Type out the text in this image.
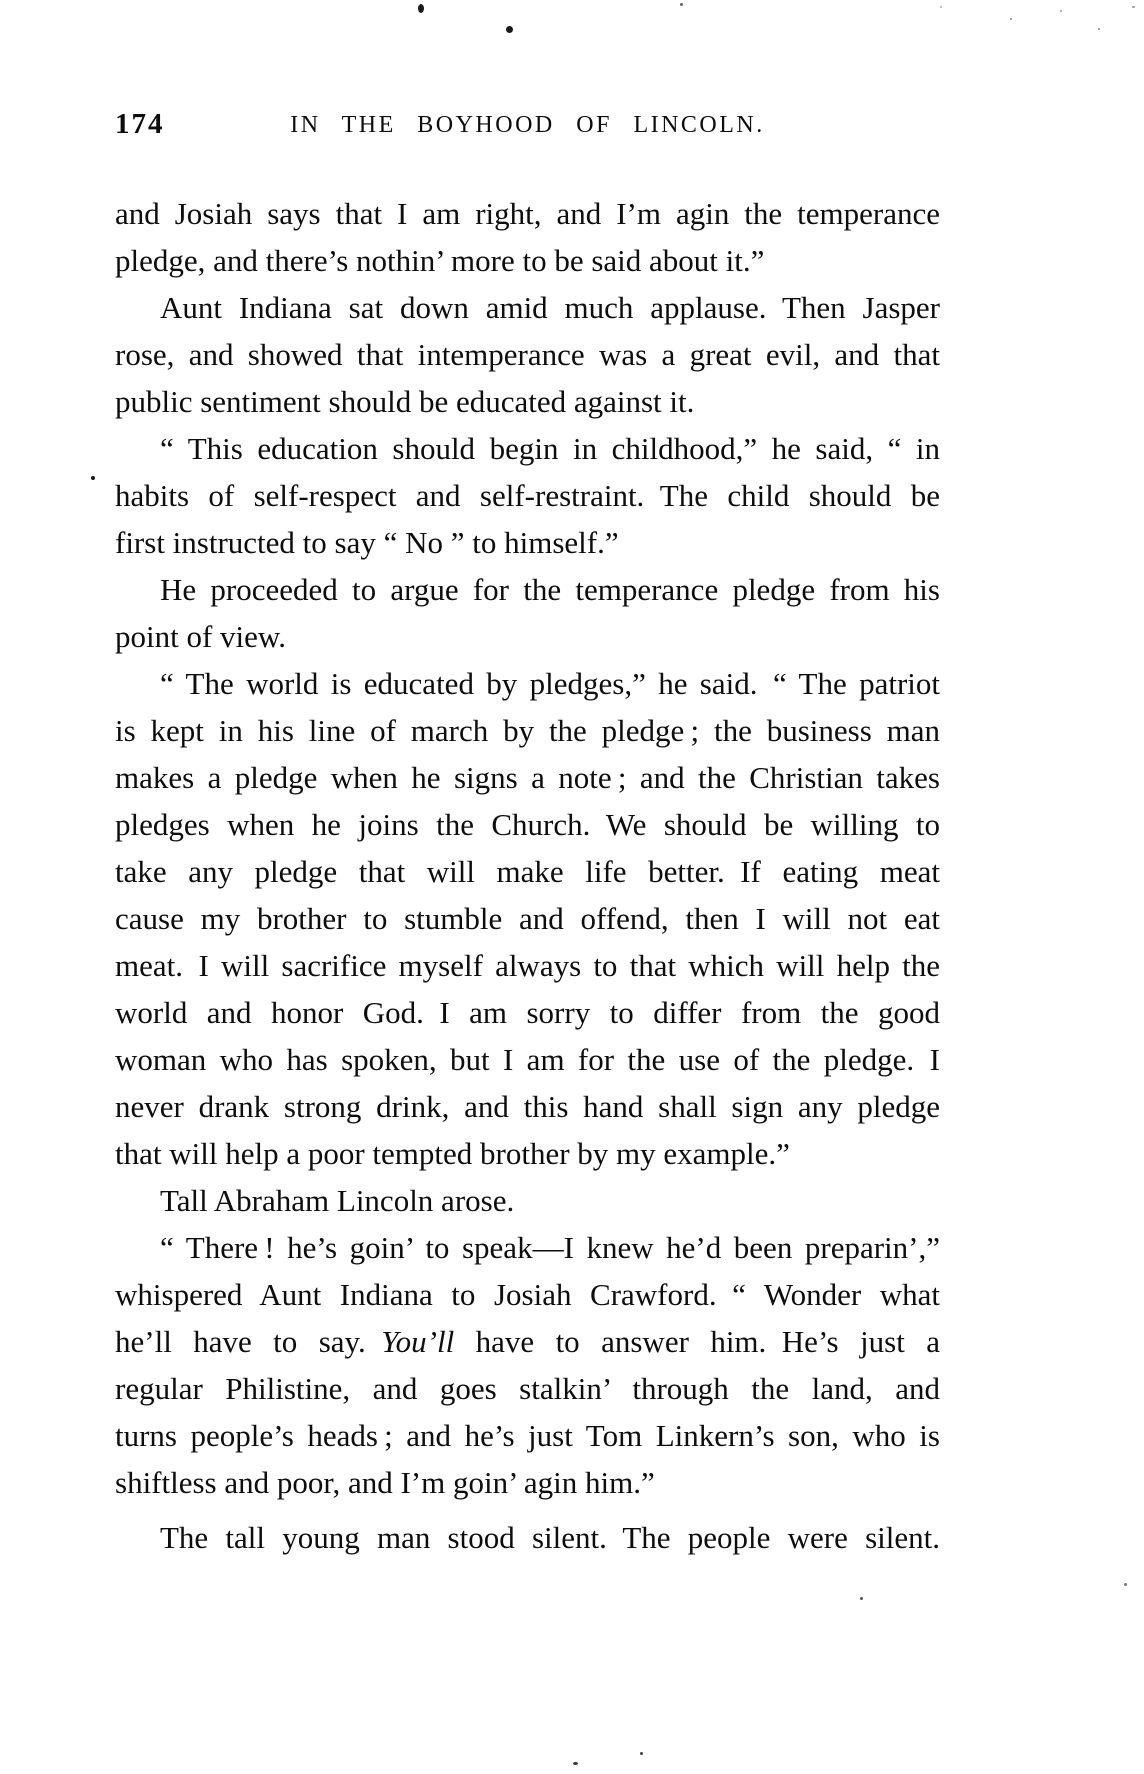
174	IN THE BOYHOOD OF LINCOLN.
and Josiah says that I am right, and I’m agin the temperance
pledge, and there’s nothin’ more to be said about it.”
Aunt Indiana sat down amid much applause. Then Jasper
rose, and showed that intemperance was a great evil, and that
public sentiment should be educated against it.
“ This education should begin in childhood,” he said, “ in
habits of self-respect and self-restraint. The child should be
first instructed to say “ No ” to himself.”
He proceeded to argue for the temperance pledge from his
point of view.
“ The world is educated by pledges,” he said. “ The patriot
is kept in his line of march by the pledge ; the business man
makes a pledge when he signs a note ; and the Christian takes
pledges when he joins the Church. We should be willing to
take any pledge that will make life better. If eating meat
cause my brother to stumble and offend, then I will not eat
meat. I will sacrifice myself always to that which will help the
world and honor God. I am sorry to differ from the good
woman who has spoken, but I am for the use of the pledge. I
never drank strong drink, and this hand shall sign any pledge
that will help a poor tempted brother by my example.”
Tall Abraham Lincoln arose.
“ There ! he’s goin’ to speak—I knew he’d been preparin’,”
whispered Aunt Indiana to Josiah Crawford. “ Wonder what
he’ll have to say. You’ll have to answer him. He’s just a
regular Philistine, and goes stalkin’ through the land, and
turns people’s heads ; and he’s just Tom Linkern’s son, who is
shiftless and poor, and I’m goin’ agin him.”
The tall young man stood silent. The people were silent.
